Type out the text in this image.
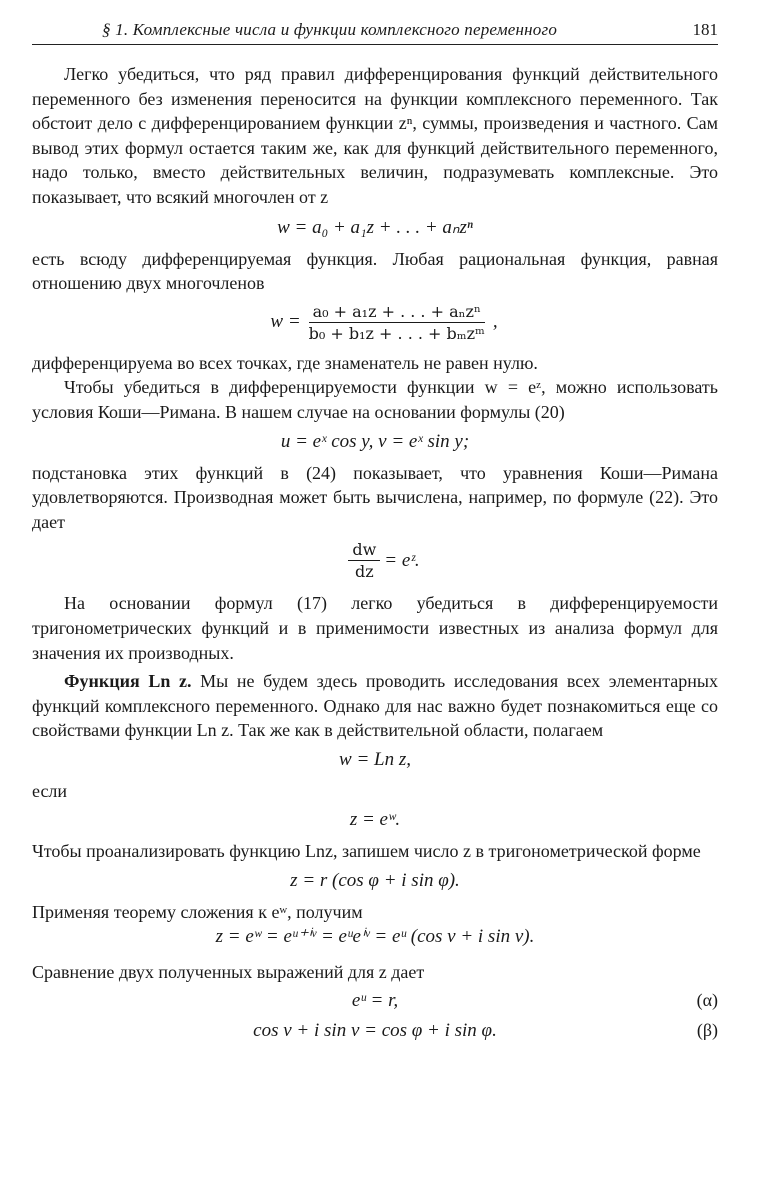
§ 1. Комплексные числа и функции комплексного переменного	181

Легко убедиться, что ряд правил дифференцирования функций действительного переменного без изменения переносится на функции комплексного переменного. Так обстоит дело с дифференцированием функции zⁿ, суммы, произведения и частного. Сам вывод этих формул остается таким же, как для функций действительного переменного, надо только, вместо действительных величин, подразумевать комплексные. Это показывает, что всякий многочлен от z

w = a₀ + a₁z + . . . + aₙzⁿ

есть всюду дифференцируемая функция. Любая рациональная функция, равная отношению двух многочленов

$w = \frac{\text{a₀ + a₁z + . . . + aₙzⁿ}}{\text{b₀ + b₁z + . . . + bₘzᵐ}}$ ,

дифференцируема во всех точках, где знаменатель не равен нулю.

Чтобы убедиться в дифференцируемости функции w = eᶻ, можно использовать условия Коши—Римана. В нашем случае на основании формулы (20)

u = eˣ cos y, v = eˣ sin y;

подстановка этих функций в (24) показывает, что уравнения Коши—Римана удовлетворяются. Производная может быть вычислена, например, по формуле (22). Это дает

$\frac{dw}{dz}$ = eᶻ.

На основании формул (17) легко убедиться в дифференцируемости тригонометрических функций и в применимости известных из анализа формул для значения их производных.

Функция Ln z. Мы не будем здесь проводить исследования всех элементарных функций комплексного переменного. Однако для нас важно будет познакомиться еще со свойствами функции Ln z. Так же как в действительной области, полагаем

w = Ln z,

если

z = eʷ.

Чтобы проанализировать функцию Lnz, запишем число z в тригонометрической форме

z = r (cos φ + i sin φ).

Применяя теорему сложения к eʷ, получим

z = eʷ = eᵘ⁺ⁱᵛ = eᵘeⁱᵛ = eᵘ (cos v + i sin v).

Сравнение двух полученных выражений для z дает

eᵘ = r,	(α)
cos v + i sin v = cos φ + i sin φ.	(β)
